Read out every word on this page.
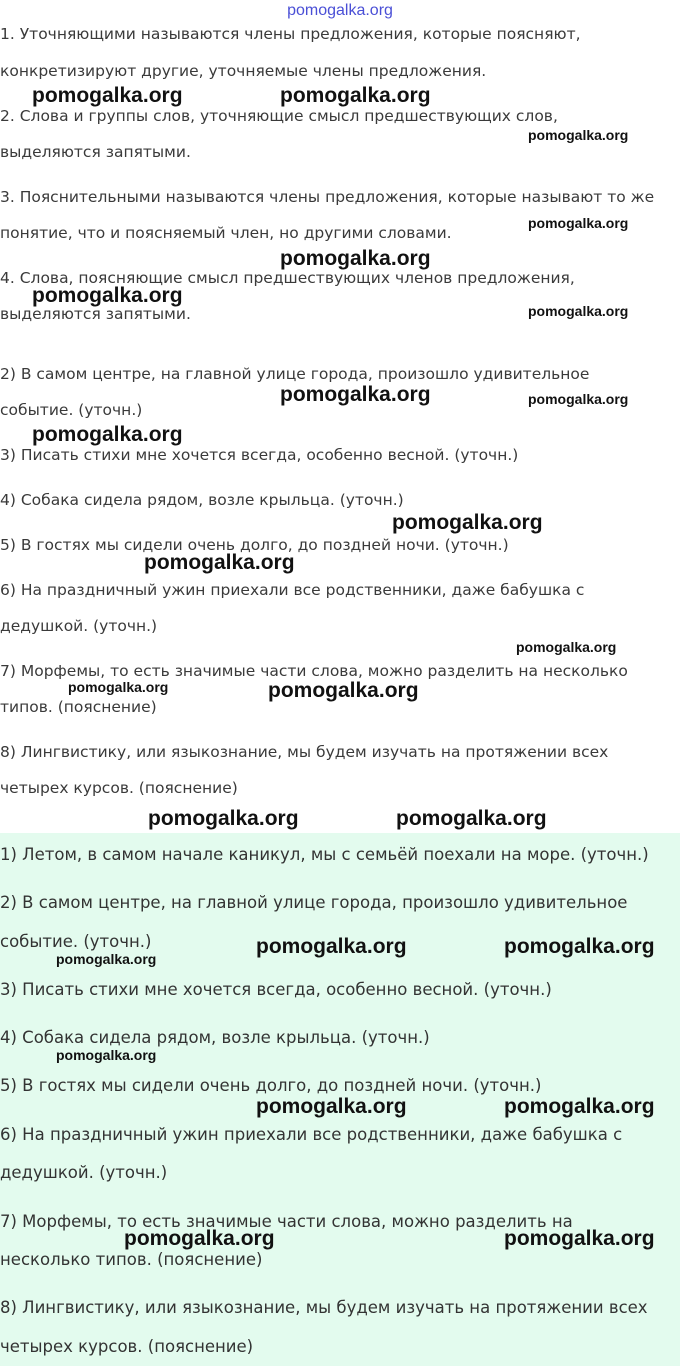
pomogalka.org

1. Уточняющими называются члены предложения, которые поясняют,

конкретизируют другие, уточняемые члены предложения.

2. Слова и группы слов, уточняющие смысл предшествующих слов,

выделяются запятыми.

3. Пояснительными называются члены предложения, которые называют то же

понятие, что и поясняемый член, но другими словами.

4. Слова, поясняющие смысл предшествующих членов предложения,

выделяются запятыми.

2) В самом центре, на главной улице города, произошло удивительное

событие. (уточн.)

3) Писать стихи мне хочется всегда, особенно весной. (уточн.)

4) Собака сидела рядом, возле крыльца. (уточн.)

5) В гостях мы сидели очень долго, до поздней ночи. (уточн.)

6) На праздничный ужин приехали все родственники, даже бабушка с

дедушкой. (уточн.)

7) Морфемы, то есть значимые части слова, можно разделить на несколько

типов. (пояснение)

8) Лингвистику, или языкознание, мы будем изучать на протяжении всех

четырех курсов. (пояснение)

1) Летом, в самом начале каникул, мы с семьёй поехали на море. (уточн.)

2) В самом центре, на главной улице города, произошло удивительное

событие. (уточн.)

3) Писать стихи мне хочется всегда, особенно весной. (уточн.)

4) Собака сидела рядом, возле крыльца. (уточн.)

5) В гостях мы сидели очень долго, до поздней ночи. (уточн.)

6) На праздничный ужин приехали все родственники, даже бабушка с

дедушкой. (уточн.)

7) Морфемы, то есть значимые части слова, можно разделить на

несколько типов. (пояснение)

8) Лингвистику, или языкознание, мы будем изучать на протяжении всех

четырех курсов. (пояснение)

pomogalka.org	pomogalka.org
pomogalka.org
pomogalka.org
pomogalka.org
pomogalka.org
pomogalka.org
pomogalka.org
pomogalka.org
pomogalka.org	pomogalka.org
pomogalka.org	pomogalka.org
pomogalka.org	pomogalka.org
pomogalka.org	pomogalka.org
pomogalka.org
pomogalka.org
pomogalka.org
pomogalka.org
pomogalka.org
pomogalka.org
pomogalka.org
pomogalka.org
